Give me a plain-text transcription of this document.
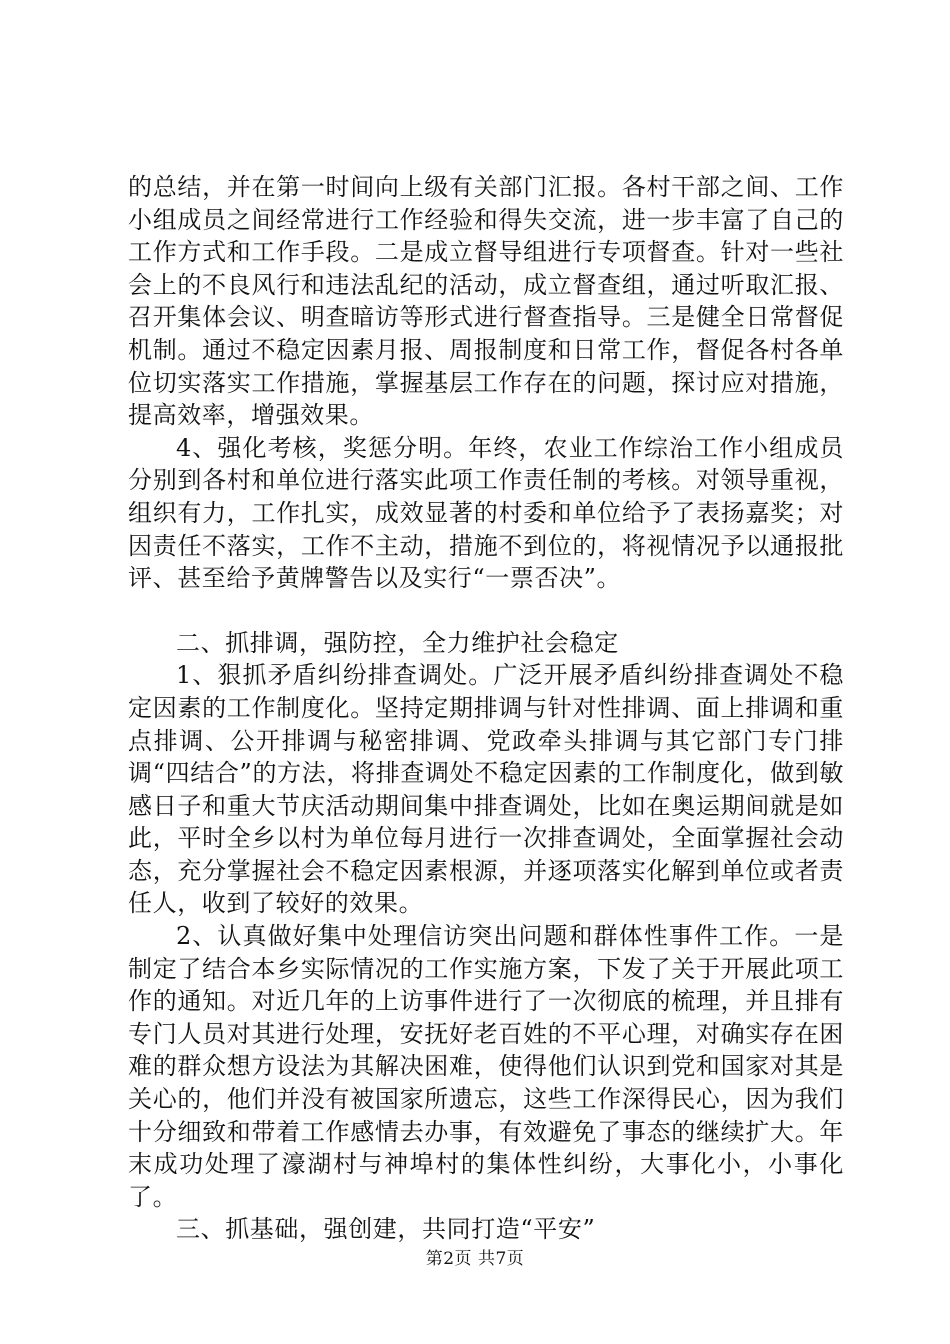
的总结，并在第一时间向上级有关部门汇报。各村干部之间、工作小组成员之间经常进行工作经验和得失交流，进一步丰富了自己的工作方式和工作手段。二是成立督导组进行专项督查。针对一些社会上的不良风行和违法乱纪的活动，成立督查组，通过听取汇报、召开集体会议、明查暗访等形式进行督查指导。三是健全日常督促机制。通过不稳定因素月报、周报制度和日常工作，督促各村各单位切实落实工作措施，掌握基层工作存在的问题，探讨应对措施，提高效率，增强效果。

4、强化考核，奖惩分明。年终，农业工作综治工作小组成员分别到各村和单位进行落实此项工作责任制的考核。对领导重视，组织有力，工作扎实，成效显著的村委和单位给予了表扬嘉奖；对因责任不落实，工作不主动，措施不到位的，将视情况予以通报批评、甚至给予黄牌警告以及实行“一票否决”。

二、抓排调，强防控，全力维护社会稳定

1、狠抓矛盾纠纷排查调处。广泛开展矛盾纠纷排查调处不稳定因素的工作制度化。坚持定期排调与针对性排调、面上排调和重点排调、公开排调与秘密排调、党政牵头排调与其它部门专门排调“四结合”的方法，将排查调处不稳定因素的工作制度化，做到敏感日子和重大节庆活动期间集中排查调处，比如在奥运期间就是如此，平时全乡以村为单位每月进行一次排查调处，全面掌握社会动态，充分掌握社会不稳定因素根源，并逐项落实化解到单位或者责任人，收到了较好的效果。

2、认真做好集中处理信访突出问题和群体性事件工作。一是制定了结合本乡实际情况的工作实施方案，下发了关于开展此项工作的通知。对近几年的上访事件进行了一次彻底的梳理，并且排有专门人员对其进行处理，安抚好老百姓的不平心理，对确实存在困难的群众想方设法为其解决困难，使得他们认识到党和国家对其是关心的，他们并没有被国家所遗忘，这些工作深得民心，因为我们十分细致和带着工作感情去办事，有效避免了事态的继续扩大。年末成功处理了濠湖村与神埠村的集体性纠纷，大事化小，小事化了。

三、抓基础，强创建，共同打造“平安”

第2页 共7页
